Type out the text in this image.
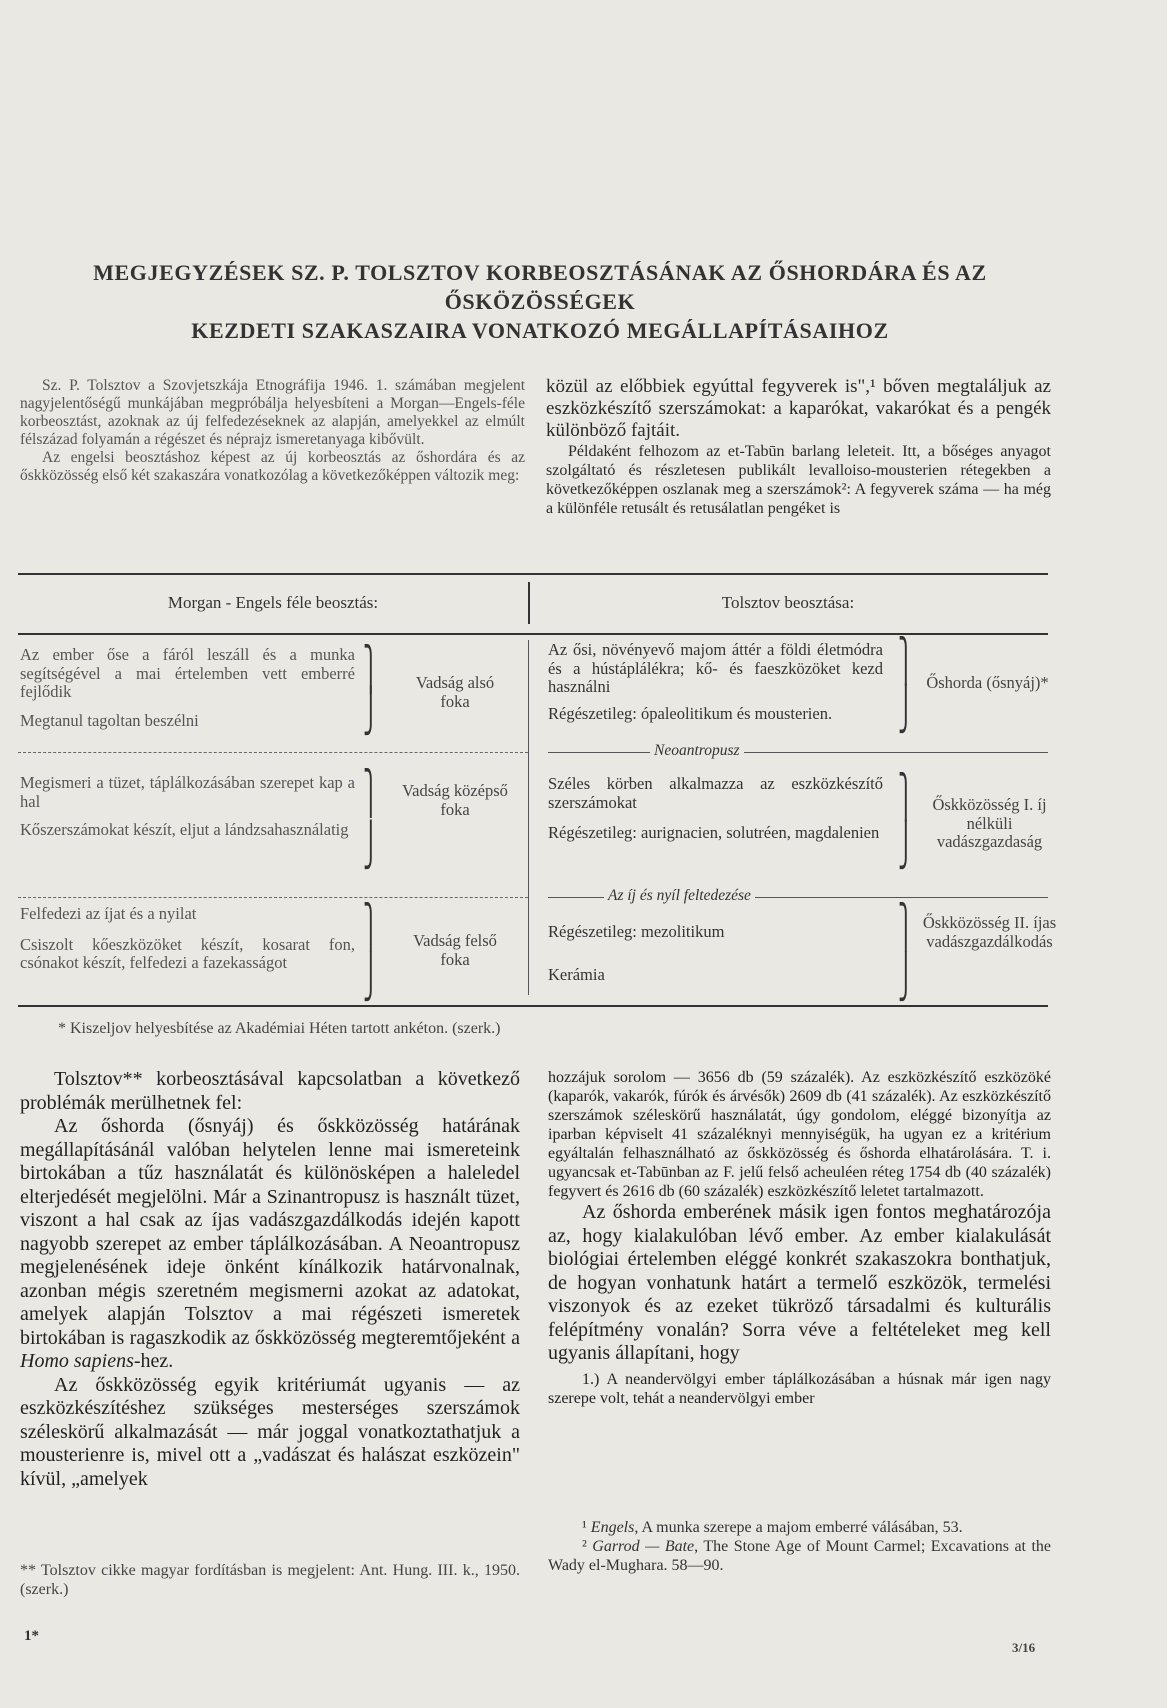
MEGJEGYZÉSEK SZ. P. TOLSZTOV KORBEOSZTÁSÁNAK AZ ŐSHORDÁRA ÉS AZ ŐSKÖZÖSSÉGEK
KEZDETI SZAKASZAIRA VONATKOZÓ MEGÁLLAPÍTÁSAIHOZ

Sz. P. Tolsztov a Szovjetszkája Etnográfija 1946. 1. számában megjelent nagyjelentőségű munkájában megpróbálja helyesbíteni a Morgan—Engels-féle korbeosztást, azoknak az új felfedezéseknek az alapján, amelyekkel az elmúlt félszázad folyamán a régészet és néprajz ismeretanyaga kibővült.

Az engelsi beosztáshoz képest az új korbeosztás az őshordára és az őskközösség első két szakaszára vonatkozólag a következőképpen változik meg:

közül az előbbiek egyúttal fegyverek is",¹ bőven megtaláljuk az eszközkészítő szerszámokat: a kaparókat, vakarókat és a pengék különböző fajtáit.

Példaként felhozom az et-Tabūn barlang leleteit. Itt, a bőséges anyagot szolgáltató és részletesen publikált levalloiso-mousterien rétegekben a következőképpen oszlanak meg a szerszámok²: A fegyverek száma — ha még a különféle retusált és retusálatlan pengéket is

Morgan - Engels féle beosztás:	Tolsztov beosztása:

Az ember őse a fáról leszáll és a munka segítségével a mai értelemben vett emberré fejlődik

Megtanul tagoltan beszélni

⎫
⎭
Vadság alsó foka

Az ősi, növényevő majom áttér a földi életmódra és a hústáplálékra; kő- és faeszközöket kezd használni

Régészetileg: ópaleolitikum és mousterien.

⎫
⎭
Őshorda (ősnyáj)*
Neoantropusz

Megismeri a tüzet, táplálkozásában szerepet kap a hal

Kőszerszámokat készít, eljut a lándzsahasználatig

⎫
⎭
Vadság középső foka

Széles körben alkalmazza az eszközkészítő szerszámokat

Régészetileg: aurignacien, solutréen, magdalenien

⎫
⎭
Őskközösség I. íj nélküli vadászgazdaság
Az íj és nyíl feltedezése

Felfedezi az íjat és a nyilat

Csiszolt kőeszközöket készít, kosarat fon, csónakot készít, felfedezi a fazekasságot

⎫
⎭
Vadság felső foka

Régészetileg: mezolitikum

Kerámia

⎫
⎭
Őskközösség II. íjas vadászgazdálkodás
* Kiszeljov helyesbítése az Akadémiai Héten tartott ankéton. (szerk.)

Tolsztov** korbeosztásával kapcsolatban a következő problémák merülhetnek fel:

Az őshorda (ősnyáj) és őskközösség határának megállapításánál valóban helytelen lenne mai ismereteink birtokában a tűz használatát és különösképen a haleledel elterjedését megjelölni. Már a Szinantropusz is használt tüzet, viszont a hal csak az íjas vadászgazdálkodás idején kapott nagyobb szerepet az ember táplálkozásában. A Neoantropusz megjelenésének ideje önként kínálkozik határvonalnak, azonban mégis szeretném megismerni azokat az adatokat, amelyek alapján Tolsztov a mai régészeti ismeretek birtokában is ragaszkodik az őskközösség megteremtőjeként a Homo sapiens-hez.

Az őskközösség egyik kritériumát ugyanis — az eszközkészítéshez szükséges mesterséges szerszámok széleskörű alkalmazását — már joggal vonatkoztathatjuk a mousterienre is, mivel ott a „vadászat és halászat eszközein" kívül, „amelyek

** Tolsztov cikke magyar fordításban is megjelent: Ant. Hung. III. k., 1950. (szerk.)

hozzájuk sorolom — 3656 db (59 százalék). Az eszközkészítő eszközöké (kaparók, vakarók, fúrók és árvésők) 2609 db (41 százalék). Az eszközkészítő szerszámok széleskörű használatát, úgy gondolom, eléggé bizonyítja az iparban képviselt 41 százaléknyi mennyiségük, ha ugyan ez a kritérium egyáltalán felhasználható az őskközösség és őshorda elhatárolására. T. i. ugyancsak et-Tabūnban az F. jelű felső acheuléen réteg 1754 db (40 százalék) fegyvert és 2616 db (60 százalék) eszközkészítő leletet tartalmazott.

Az őshorda emberének másik igen fontos meghatározója az, hogy kialakulóban lévő ember. Az ember kialakulását biológiai értelemben eléggé konkrét szakaszokra bonthatjuk, de hogyan vonhatunk határt a termelő eszközök, termelési viszonyok és az ezeket tükröző társadalmi és kulturális felépítmény vonalán? Sorra véve a feltételeket meg kell ugyanis állapítani, hogy

1.) A neandervölgyi ember táplálkozásában a húsnak már igen nagy szerepe volt, tehát a neandervölgyi ember

¹ Engels, A munka szerepe a majom emberré válásában, 53.

² Garrod — Bate, The Stone Age of Mount Carmel; Excavations at the Wady el-Mughara. 58—90.

1*
3/16
